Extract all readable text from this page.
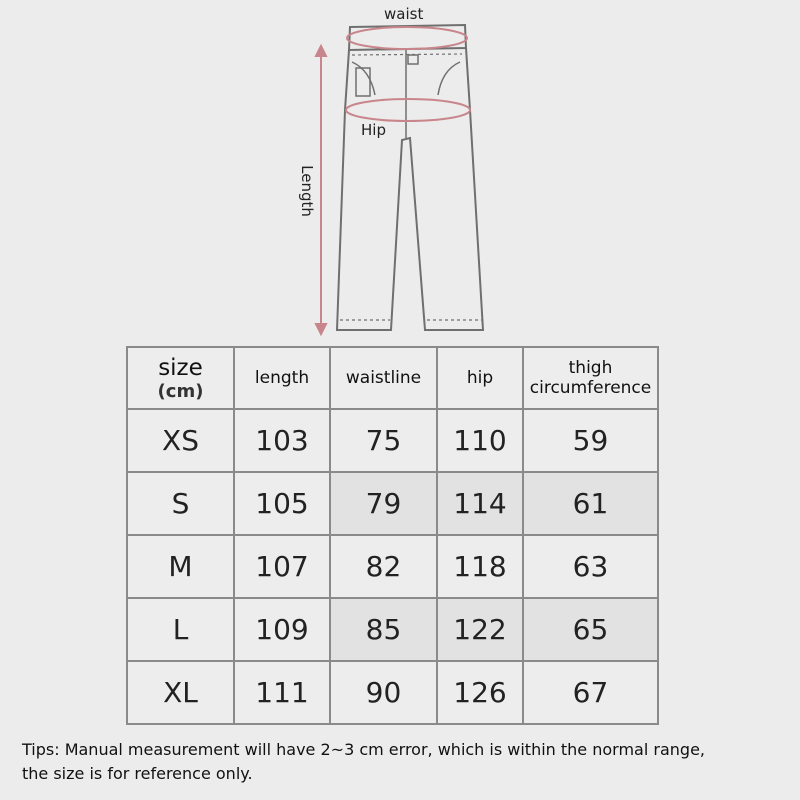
waist
Hip
Length
size
(cm)	length	waistline	hip	thigh
circumference

XS	103	75	110	59
S	105	79	114	61
M	107	82	118	63
L	109	85	122	65
XL	111	90	126	67
Tips: Manual measurement will have 2~3 cm error, which is within the normal range,
the size is for reference only.
